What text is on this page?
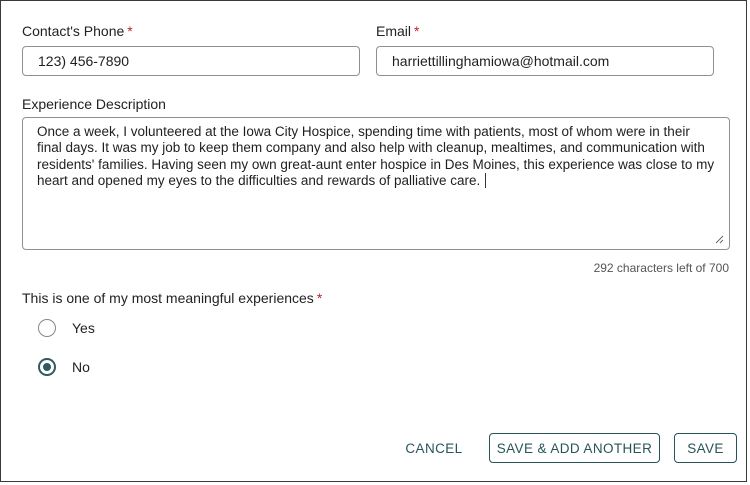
Contact's Phone *
123) 456-7890
Email *
harriettillinghamiowa@hotmail.com
Experience Description
Once a week, I volunteered at the Iowa City Hospice, spending time with patients, most of whom were in their final days. It was my job to keep them company and also help with cleanup, mealtimes, and communication with residents' families. Having seen my own great-aunt enter hospice in Des Moines, this experience was close to my heart and opened my eyes to the difficulties and rewards of palliative care.
292 characters left of 700
This is one of my most meaningful experiences *
Yes
No
CANCEL	SAVE & ADD ANOTHER	SAVE
